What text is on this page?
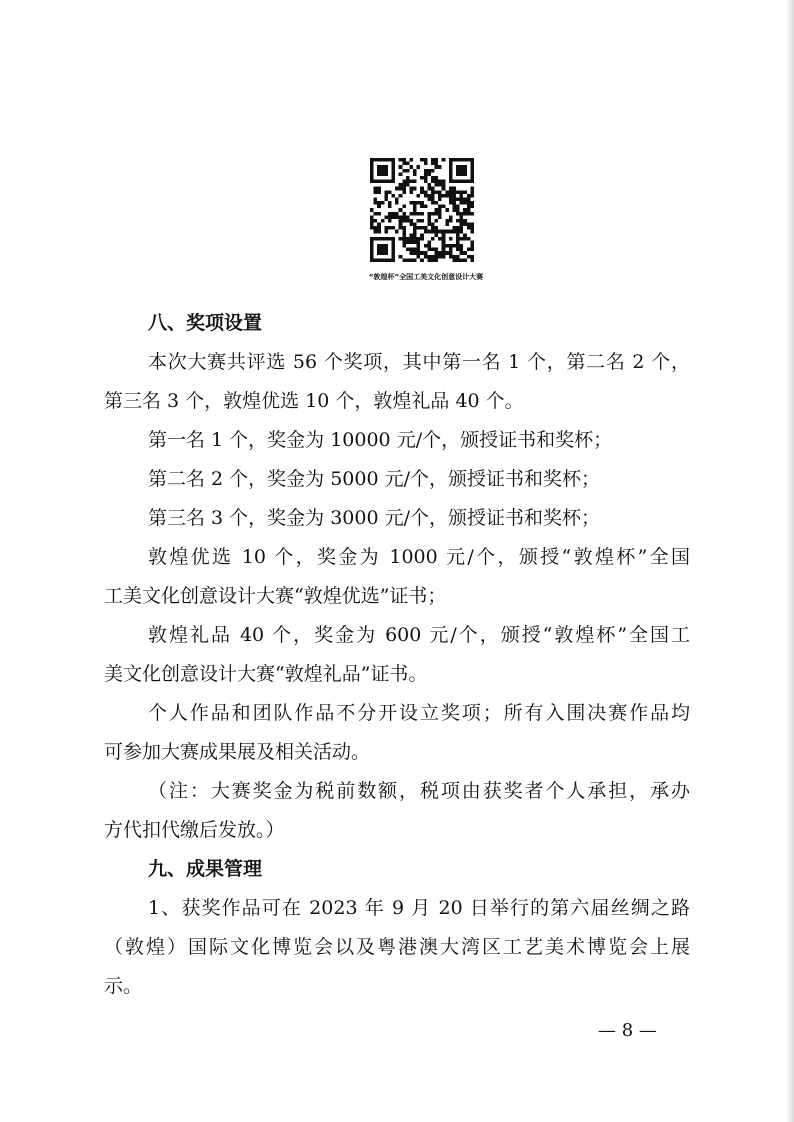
“敦煌杯”全国工美文化创意设计大赛
八、奖项设置
本次大赛共评选 56 个奖项，其中第一名 1 个，第二名 2 个，
第三名 3 个，敦煌优选 10 个，敦煌礼品 40 个。
第一名 1 个，奖金为 10000 元/个，颁授证书和奖杯；
第二名 2 个，奖金为 5000 元/个，颁授证书和奖杯；
第三名 3 个，奖金为 3000 元/个，颁授证书和奖杯；
敦煌优选 10 个，奖金为 1000 元/个，颁授“敦煌杯”全国
工美文化创意设计大赛“敦煌优选”证书；
敦煌礼品 40 个，奖金为 600 元/个，颁授“敦煌杯”全国工
美文化创意设计大赛“敦煌礼品”证书。
个人作品和团队作品不分开设立奖项；所有入围决赛作品均
可参加大赛成果展及相关活动。
（注：大赛奖金为税前数额，税项由获奖者个人承担，承办
方代扣代缴后发放。）
九、成果管理
1、获奖作品可在 2023 年 9 月 20 日举行的第六届丝绸之路
（敦煌）国际文化博览会以及粤港澳大湾区工艺美术博览会上展
示。
— 8 —
